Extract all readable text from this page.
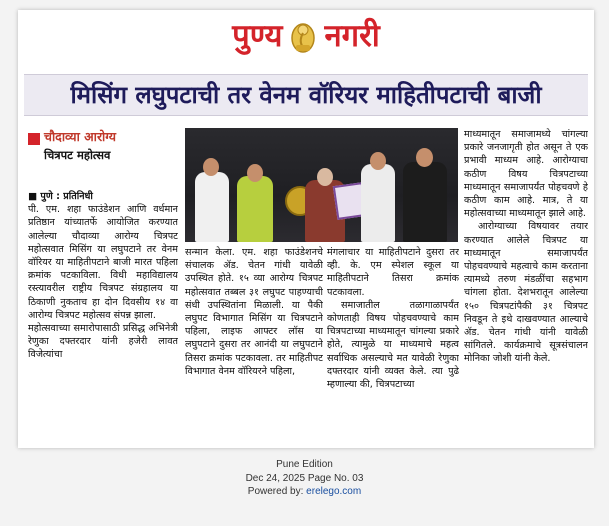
पुण्य नगरी
मिसिंग लघुपटाची तर वेनम वॉरियर माहितीपटाची बाजी
चौदाव्या आरोग्य
चित्रपट महोत्सव

■ पुणे : प्रतिनिधी

पी. एम. शहा फाउंडेशन आणि वर्धमान प्रतिष्ठान यांच्यातर्फे आयोजित करण्यात आलेल्या चौदाव्या आरोग्य चित्रपट महोत्सवात मिसिंग या लघुपटाने तर वेनम वॉरियर या माहितीपटाने बाजी मारत पहिला क्रमांक पटकाविला. विधी महाविद्यालय रस्त्यावरील राष्ट्रीय चित्रपट संग्रहालय या ठिकाणी नुकताच हा दोन दिवसीय १४ वा आरोग्य चित्रपट महोत्सव संपन्न झाला.

महोत्सवाच्या समारोपासाठी प्रसिद्ध अभिनेत्री रेणुका दफ्तरदार यांनी हजेरी लावत विजेत्यांचा

सन्मान केला. एम. शहा फाउंडेशनचे संचालक ॲड. चेतन गांधी यावेळी उपस्थित होते. १५ व्या आरोग्य चित्रपट महोत्सवात तब्बल ३१ लघुपट पाहण्याची संधी उपस्थितांना मिळाली. या पैकी लघुपट विभागात मिसिंग या चित्रपटाने पहिला, लाइफ आफ्टर लॉस या लघुपटाने दुसरा तर आनंदी या लघुपटाने तिसरा क्रमांक पटकावला. तर माहितीपट विभागात वेनम वॉरियरने पहिला,

मंगलाचार या माहितीपटाने दुसरा तर व्ही. के. एम स्पेशल स्कूल या माहितीपटाने तिसरा क्रमांक पटकावला.

समाजातील तळागाळापर्यंत कोणताही विषय पोहचवण्याचे काम चित्रपटाच्या माध्यमातून चांगल्या प्रकारे होते, त्यामुळे या माध्यमाचे महत्व सर्वाधिक असल्याचे मत यावेळी रेणुका दफ्तरदार यांनी व्यक्त केले. त्या पुढे म्हणाल्या की, चित्रपटाच्या

माध्यमातून समाजामध्ये चांगल्या प्रकारे जनजागृती होत असून ते एक प्रभावी माध्यम आहे. आरोग्याचा कठीण विषय चित्रपटाच्या माध्यमातून समाजापर्यंत पोहचवणे हे कठीण काम आहे. मात्र, ते या महोत्सवाच्या माध्यमातून झाले आहे.

आरोग्याच्या विषयावर तयार करण्यात आलेले चित्रपट या माध्यमातून समाजापर्यंत पोहचवण्याचे महत्वाचे काम करताना त्यामध्ये तरुण मंडळींचा सहभाग चांगला होता. देशभरातून आलेल्या १५० चित्रपटांपैकी ३१ चित्रपट निवडून ते इथे दाखवण्यात आल्याचे ॲड. चेतन गांधी यांनी यावेळी सांगितले. कार्यक्रमाचे सूत्रसंचालन मोनिका जोशी यांनी केले.

Pune Edition
Dec 24, 2025 Page No. 03
Powered by: erelego.com
